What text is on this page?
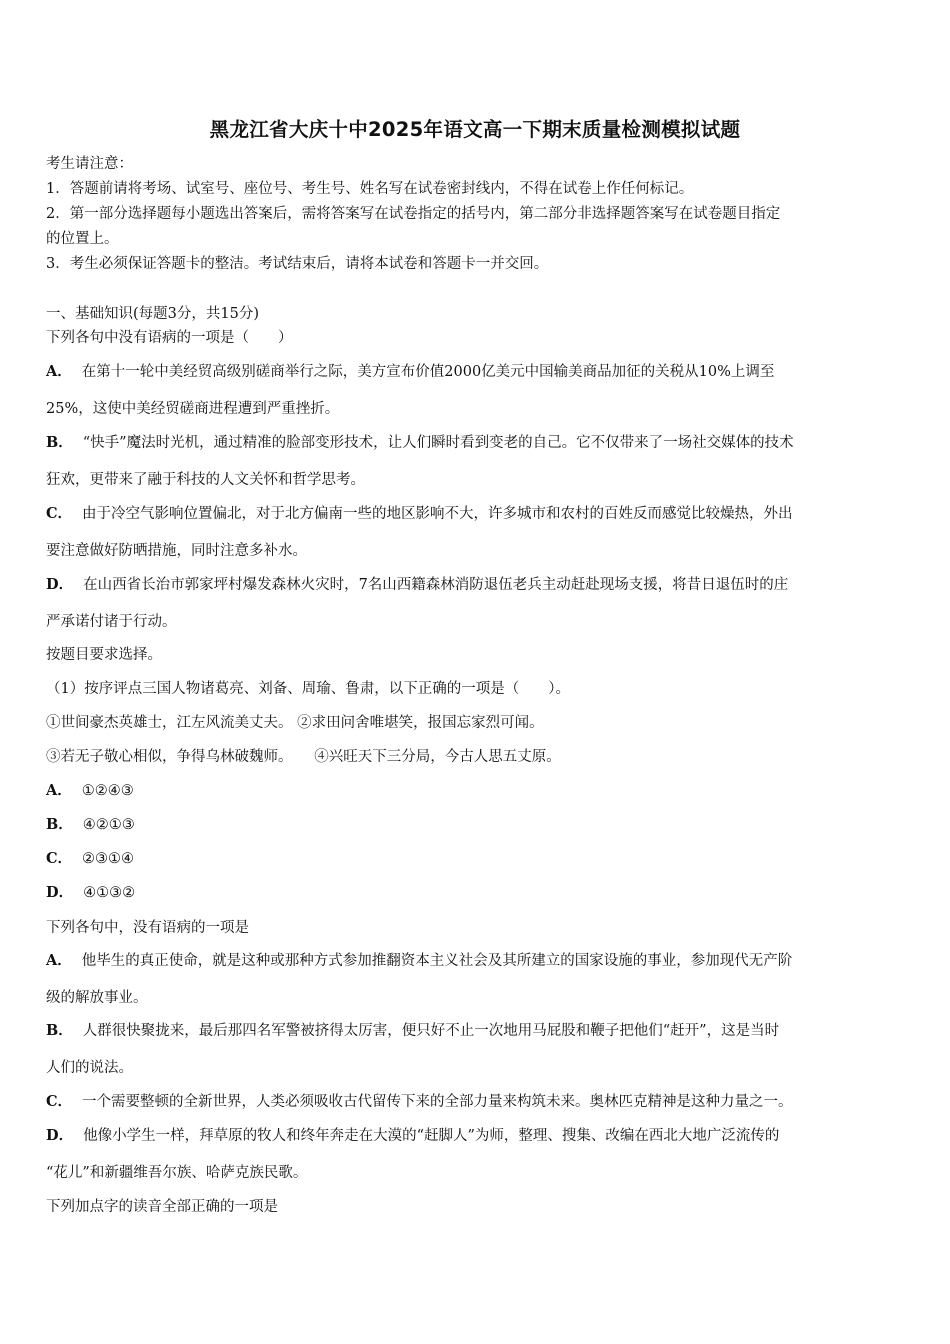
黑龙江省大庆十中2025年语文高一下期末质量检测模拟试题
考生请注意：
1．答题前请将考场、试室号、座位号、考生号、姓名写在试卷密封线内，不得在试卷上作任何标记。
2．第一部分选择题每小题选出答案后，需将答案写在试卷指定的括号内，第二部分非选择题答案写在试卷题目指定
的位置上。
3．考生必须保证答题卡的整洁。考试结束后，请将本试卷和答题卡一并交回。
一、基础知识(每题3分，共15分)
下列各句中没有语病的一项是（　　）
A． 在第十一轮中美经贸高级别磋商举行之际，美方宣布价值2000亿美元中国输美商品加征的关税从10%上调至
25%，这使中美经贸磋商进程遭到严重挫折。
B． “快手”魔法时光机，通过精准的脸部变形技术，让人们瞬时看到变老的自己。它不仅带来了一场社交媒体的技术
狂欢，更带来了融于科技的人文关怀和哲学思考。
C． 由于冷空气影响位置偏北，对于北方偏南一些的地区影响不大，许多城市和农村的百姓反而感觉比较燥热，外出
要注意做好防晒措施，同时注意多补水。
D． 在山西省长治市郭家坪村爆发森林火灾时，7名山西籍森林消防退伍老兵主动赶赴现场支援，将昔日退伍时的庄
严承诺付诸于行动。
按题目要求选择。
（1）按序评点三国人物诸葛亮、刘备、周瑜、鲁肃，以下正确的一项是（　　）。
①世间豪杰英雄士，江左风流美丈夫。 ②求田问舍唯堪笑，报国忘家烈可闻。
③若无子敬心相似，争得乌林破魏师。　　④兴旺天下三分局，今古人思五丈原。
A． ①②④③
B． ④②①③
C． ②③①④
D． ④①③②
下列各句中，没有语病的一项是
A． 他毕生的真正使命，就是这种或那种方式参加推翻资本主义社会及其所建立的国家设施的事业，参加现代无产阶
级的解放事业。
B． 人群很快聚拢来，最后那四名军警被挤得太厉害，便只好不止一次地用马屁股和鞭子把他们“赶开”，这是当时
人们的说法。
C． 一个需要整顿的全新世界，人类必须吸收古代留传下来的全部力量来构筑未来。奥林匹克精神是这种力量之一。
D． 他像小学生一样，拜草原的牧人和终年奔走在大漠的“赶脚人”为师，整理、搜集、改编在西北大地广泛流传的
“花儿”和新疆维吾尔族、哈萨克族民歌。
下列加点字的读音全部正确的一项是
